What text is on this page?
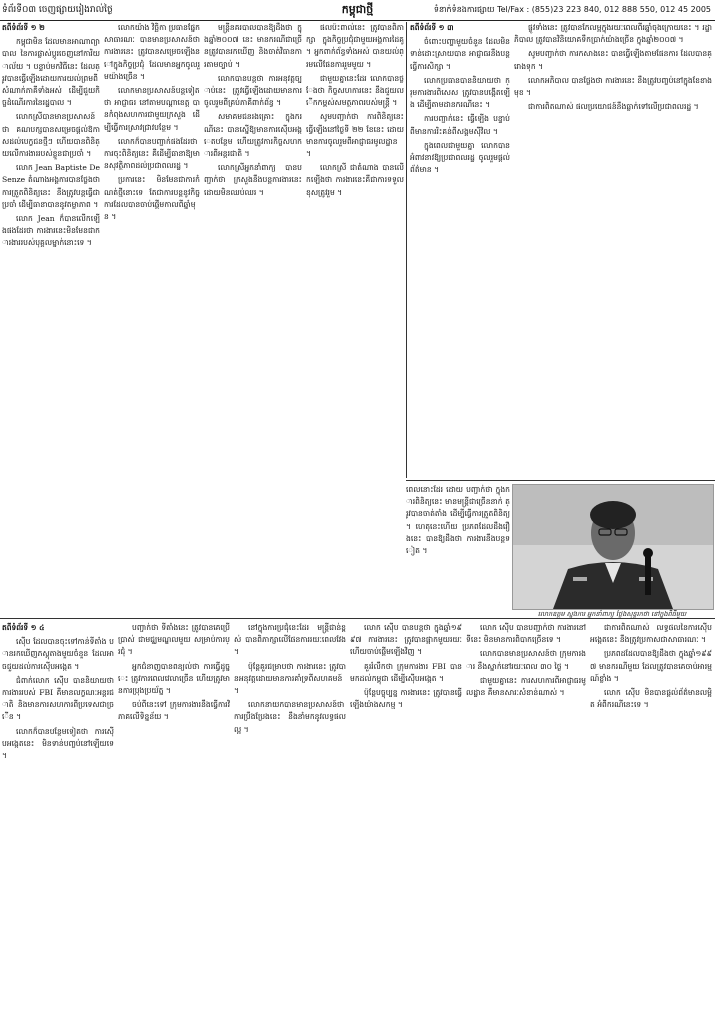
ទំព័រទី០៣ ចេញផ្សាយរៀងរាល់ថ្ងៃ	កម្ពុជាថ្មី	ទំនាក់ទំនងការផ្សាយ Tel/Fax : (855)23 223 840, 012 888 550, 012 45 2005
តពីទំព័រទី ១ ២

កម្ពុជាមិន ដែលមានអាណាព្យាបាល នៃការផ្លាស់ប្តូរចេញនៅការិយាល័យ ។ បន្ទាប់មកវិធីនេះ ដែលត្រូវបានធ្វើឡើងដោយការយល់ព្រមពីសំណាក់ភាគីទាំងអស់ ដើម្បីជួយកិច្ចដំណើរការនៃរដ្ឋបាល ។

លោកស្រីបានមានប្រសាសន៍ថា គណបក្សបានសម្រេចផ្តល់ឱកាសដល់បេក្ខជនថ្មីៗ ហើយបានពិនិត្យលើការងាររបស់ខ្លួនជាប្រចាំ ។

លោក Jean Baptiste De Senze តំណាងអង្គការបានថ្លែងថា ការត្រួតពិនិត្យនេះ នឹងត្រូវបន្តធ្វើជាប្រចាំ ដើម្បីធានាបាននូវតម្លាភាព ។

លោក Jean ក៏បានលើកឡើងផងដែរថា ការងារនេះមិនមែនជាការងាររបស់បុគ្គលម្នាក់នោះទេ ។

លោកយ៉ាង វិច្ឆិកា ប្រធានផ្នែកសាធារណៈ បានមានប្រសាសន៍ថា ការងារនេះ ត្រូវបានសម្រេចឡើងនៅក្នុងកិច្ចប្រជុំ ដែលមានអ្នកចូលរួមយ៉ាងច្រើន ។

លោកមានប្រសាសន៍បន្តទៀតថា អាជ្ញាធរ នៅតាមបណ្តាខេត្ត បានកំពុងសហការជាមួយក្រសួង ដើម្បីធ្វើការស្រាវជ្រាវបន្ថែម ។

លោកក៏បានបញ្ជាក់ផងដែរថា ការចុះពិនិត្យនេះ គឺដើម្បីធានាឱ្យមានសុវត្ថិភាពដល់ប្រជាពលរដ្ឋ ។

ប្រការនេះ មិនមែនជាការកំណត់ថ្មីនោះទេ តែជាការបន្តនូវកិច្ចការដែលបានចាប់ផ្តើមកាលពីឆ្នាំមុន ។

មន្ត្រីនគរបាលបានឱ្យដឹងថា ក្នុងឆ្នាំ២០០៧ នេះ មានករណីជាច្រើនត្រូវបានរកឃើញ និងចាត់វិធានការតាមច្បាប់ ។

លោកបានបន្តថា ការអនុវត្តច្បាប់នេះ ត្រូវធ្វើឡើងដោយមានការចូលរួមពីគ្រប់ភាគីពាក់ព័ន្ធ ។

សមាគមជនរងគ្រោះ ក្នុងករណីនេះ បានស្នើឱ្យមានការស៊ើបអង្កេតបន្ថែម ហើយត្រូវការកិច្ចសហការពីអន្តរជាតិ ។

លោកស្រីអ្នកនាំពាក្យ បានបញ្ជាក់ថា ក្រសួងនឹងបន្តការងារនេះ ដោយមិនឈប់ឈរ ។

ផលប៉ះពាល់នេះ ត្រូវបានពិភាក្សា ក្នុងកិច្ចប្រជុំជាមួយអង្គការដៃគូ ។ អ្នកពាក់ព័ន្ធទាំងអស់ បានយល់ព្រមលើផែនការរួមមួយ ។

ជាមួយគ្នានេះដែរ លោកបានថ្លែងថា កិច្ចសហការនេះ នឹងជួយលើកកម្ពស់សមត្ថភាពរបស់មន្ត្រី ។

សូមបញ្ជាក់ថា ការពិនិត្យនេះ ធ្វើឡើងនៅថ្ងៃទី ២២ ខែនេះ ដោយមានការចូលរួមពីអាជ្ញាធរមូលដ្ឋាន ។

លោកស្រី ជាតំណាង បានលើកឡើងថា ការងារនេះគឺជាការទទួលខុសត្រូវរួម ។

តពីទំព័រទី ១ ៣

ចំពោះបញ្ហាមួយចំនួន ដែលមិនទាន់ដោះស្រាយបាន អាជ្ញាធរនឹងបន្តធ្វើការសិក្សា ។

លោកប្រធានបាននិយាយថា ក្រុមការងារពិសេស ត្រូវបានបង្កើតឡើង ដើម្បីតាមដានករណីនេះ ។

ការបញ្ជាក់នេះ ធ្វើឡើង បន្ទាប់ពីមានការរិះគន់ពីសង្គមស៊ីវិល ។

ក្នុងពេលជាមួយគ្នា លោកបានអំពាវនាវឱ្យប្រជាពលរដ្ឋ ចូលរួមផ្តល់ព័ត៌មាន ។

ផ្លូវទាំងនេះ ត្រូវបានកែលម្អក្នុងរយៈពេលពីរឆ្នាំចុងក្រោយនេះ ។ រដ្ឋាភិបាល ត្រូវបានវិនិយោគទឹកប្រាក់យ៉ាងច្រើន ក្នុងឆ្នាំ២០០៧ ។

សូមបញ្ជាក់ថា ការកសាងនេះ បានធ្វើឡើងតាមផែនការ ដែលបានគ្រោងទុក ។

លោកអភិបាល បានថ្លែងថា ការងារនេះ នឹងត្រូវបញ្ចប់នៅក្នុងខែខាងមុខ ។

ជាការពិតណាស់ ផលប្រយោជន៍នឹងធ្លាក់ទៅលើប្រជាពលរដ្ឋ ។

ពេលនោះដែរ ដោយ បញ្ជាក់ថា ក្នុងការពិនិត្យនេះ មានមន្ត្រីជាច្រើននាក់ ត្រូវបានចាត់តាំង ដើម្បីធ្វើការត្រួតពិនិត្យ ។ ហេតុនេះហើយ ប្រភពដែលដឹងរឿងនេះ បានឱ្យដឹងថា ការងារនឹងបន្តទៀត ។
លោកឧត្តម ស្នងការ អ្នកនាំពាក្យ ថ្លែងសុន្ទរកថា នៅក្នុងពិធីមួយ
តពីទំព័រទី ១ ៤

ស៊ើប ដែលបានចុះទៅកាន់ទីតាំង បានរកឃើញភស្តុតាងមួយចំនួន ដែលអាចជួយដល់ការស៊ើបអង្កេត ។

ជំពាក់លោក ស៊ើប បាននិយាយថា ការងាររបស់ FBI គឺមានលក្ខណៈអន្តរជាតិ និងមានការសហការពីប្រទេសជាច្រើន ។

លោកក៏បានបន្ថែមទៀតថា ការស៊ើបអង្កេតនេះ មិនទាន់បញ្ចប់នៅឡើយទេ ។

បញ្ជាក់ថា ទីតាំងនេះ ត្រូវបានគេប្រើប្រាស់ ជាមជ្ឈមណ្ឌលមួយ សម្រាប់ការប្រជុំ ។

អ្នកជំនាញបានពន្យល់ថា ការធ្វើដូច្នេះ ត្រូវការពេលវេលាច្រើន ហើយត្រូវមានការប្រុងប្រយ័ត្ន ។

ចប់ពីនេះទៅ ក្រុមការងារនឹងធ្វើការវិភាគលើទិន្នន័យ ។

នៅក្នុងការប្រជុំនេះដែរ មន្ត្រីជាន់ខ្ពស់ បានពិភាក្សាលើផែនការរយៈពេលវែង ។

ប៉ុន្តែគួរជម្រាបថា ការងារនេះ ត្រូវបានអនុវត្តដោយមានការគាំទ្រពីសហគមន៍ ។

លោកនាយកបានមានប្រសាសន៍ថា ការប្រឹងប្រែងនេះ នឹងនាំមកនូវលទ្ធផលល្អ ។

លោក ស៊ើប បានបន្តថា ក្នុងឆ្នាំ១៩៩៧ ការងារនេះ ត្រូវបានផ្អាកមួយរយៈ ហើយចាប់ផ្តើមឡើងវិញ ។

គួររំលឹកថា ក្រុមការងារ FBI បានមកដល់កម្ពុជា ដើម្បីស៊ើបអង្កេត ។

ប៉ុន្តែបច្ចុប្បន្ន ការងារនេះ ត្រូវបានធ្វើឡើងយ៉ាងសកម្ម ។

លោក ស៊ើប បានបញ្ជាក់ថា ការងារនៅទីនេះ មិនមានការពិបាកច្រើនទេ ។

លោកបានមានប្រសាសន៍ថា ក្រុមការងារ នឹងស្នាក់នៅរយៈពេល ៣០ ថ្ងៃ ។

ជាមួយគ្នានេះ ការសហការពីអាជ្ញាធរមូលដ្ឋាន គឺមានសារៈសំខាន់ណាស់ ។

ជាការពិតណាស់ លទ្ធផលនៃការស៊ើបអង្កេតនេះ នឹងត្រូវប្រកាសជាសាធារណៈ ។

ប្រភពដដែលបានឱ្យដឹងថា ក្នុងឆ្នាំ១៩៩៧ មានករណីមួយ ដែលត្រូវបានគេចាប់អារម្មណ៍ខ្លាំង ។

លោក ស៊ើប មិនបានផ្តល់ព័ត៌មានលម្អិត អំពីករណីនេះទេ ។
